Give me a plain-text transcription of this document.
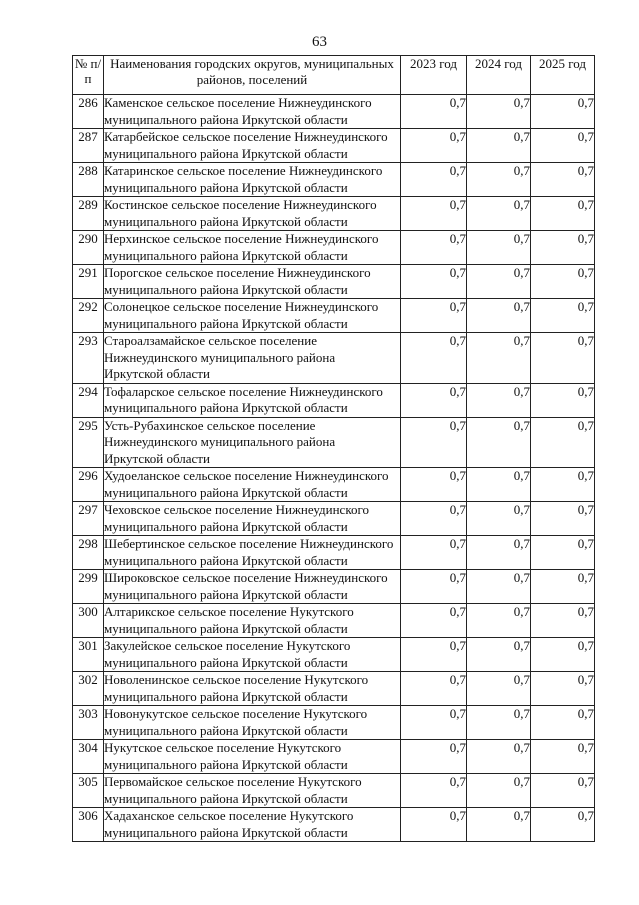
63
№ п/п	Наименования городских округов, муниципальных районов, поселений	2023 год	2024 год	2025 год
286	Каменское сельское поселение Нижнеудинского
муниципального района Иркутской области	0,7	0,7	0,7
287	Катарбейское сельское поселение Нижнеудинского
муниципального района Иркутской области	0,7	0,7	0,7
288	Катаринское сельское поселение Нижнеудинского
муниципального района Иркутской области	0,7	0,7	0,7
289	Костинское сельское поселение Нижнеудинского
муниципального района Иркутской области	0,7	0,7	0,7
290	Нерхинское сельское поселение Нижнеудинского
муниципального района Иркутской области	0,7	0,7	0,7
291	Порогское сельское поселение Нижнеудинского
муниципального района Иркутской области	0,7	0,7	0,7
292	Солонецкое сельское поселение Нижнеудинского
муниципального района Иркутской области	0,7	0,7	0,7
293	Староалзамайское сельское поселение
Нижнеудинского муниципального района
Иркутской области	0,7	0,7	0,7
294	Тофаларское сельское поселение Нижнеудинского
муниципального района Иркутской области	0,7	0,7	0,7
295	Усть-Рубахинское сельское поселение
Нижнеудинского муниципального района
Иркутской области	0,7	0,7	0,7
296	Худоеланское сельское поселение Нижнеудинского
муниципального района Иркутской области	0,7	0,7	0,7
297	Чеховское сельское поселение Нижнеудинского
муниципального района Иркутской области	0,7	0,7	0,7
298	Шебертинское сельское поселение Нижнеудинского
муниципального района Иркутской области	0,7	0,7	0,7
299	Широковское сельское поселение Нижнеудинского
муниципального района Иркутской области	0,7	0,7	0,7
300	Алтарикское сельское поселение Нукутского
муниципального района Иркутской области	0,7	0,7	0,7
301	Закулейское сельское поселение Нукутского
муниципального района Иркутской области	0,7	0,7	0,7
302	Новоленинское сельское поселение Нукутского
муниципального района Иркутской области	0,7	0,7	0,7
303	Новонукутское сельское поселение Нукутского
муниципального района Иркутской области	0,7	0,7	0,7
304	Нукутское сельское поселение Нукутского
муниципального района Иркутской области	0,7	0,7	0,7
305	Первомайское сельское поселение Нукутского
муниципального района Иркутской области	0,7	0,7	0,7
306	Хадаханское сельское поселение Нукутского
муниципального района Иркутской области	0,7	0,7	0,7
